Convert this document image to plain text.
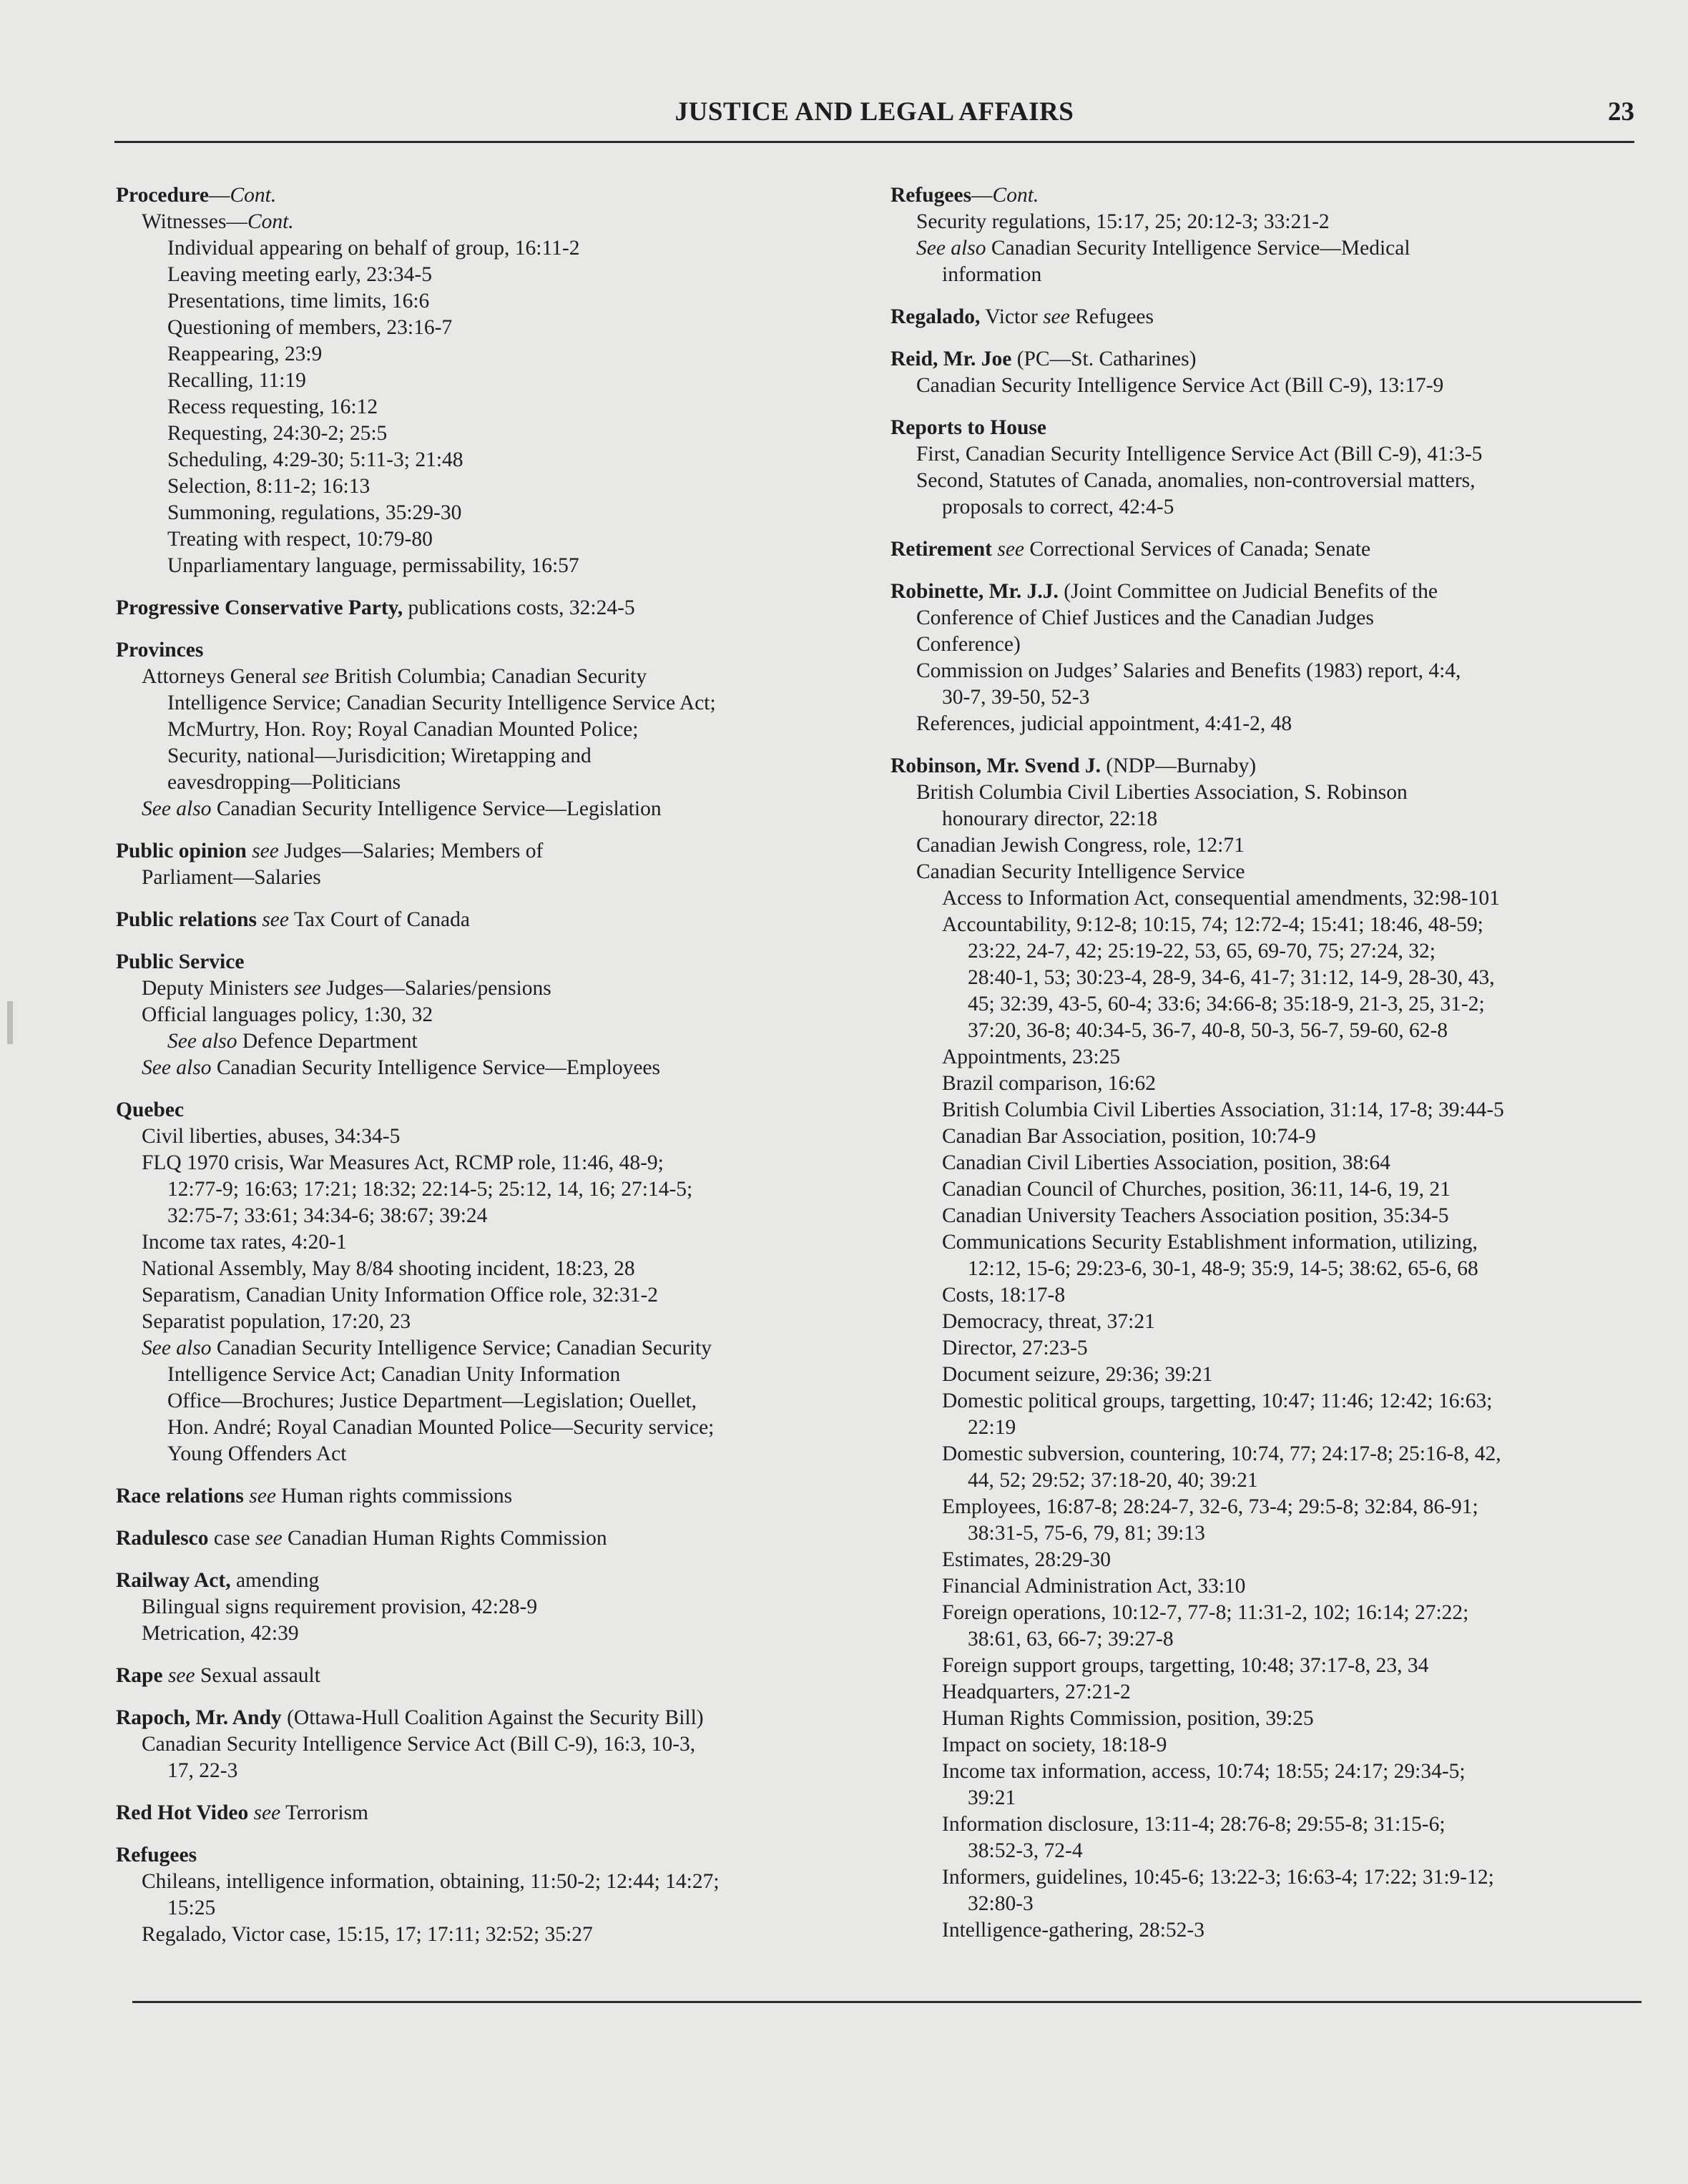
JUSTICE AND LEGAL AFFAIRS	23
Procedure—Cont.
Witnesses—Cont.
Individual appearing on behalf of group, 16:11-2
Leaving meeting early, 23:34-5
Presentations, time limits, 16:6
Questioning of members, 23:16-7
Reappearing, 23:9
Recalling, 11:19
Recess requesting, 16:12
Requesting, 24:30-2; 25:5
Scheduling, 4:29-30; 5:11-3; 21:48
Selection, 8:11-2; 16:13
Summoning, regulations, 35:29-30
Treating with respect, 10:79-80
Unparliamentary language, permissability, 16:57
Progressive Conservative Party, publications costs, 32:24-5
Provinces
Attorneys General see British Columbia; Canadian Security
Intelligence Service; Canadian Security Intelligence Service Act;
McMurtry, Hon. Roy; Royal Canadian Mounted Police;
Security, national—Jurisdicition; Wiretapping and
eavesdropping—Politicians
See also Canadian Security Intelligence Service—Legislation
Public opinion see Judges—Salaries; Members of
Parliament—Salaries
Public relations see Tax Court of Canada
Public Service
Deputy Ministers see Judges—Salaries/pensions
Official languages policy, 1:30, 32
See also Defence Department
See also Canadian Security Intelligence Service—Employees
Quebec
Civil liberties, abuses, 34:34-5
FLQ 1970 crisis, War Measures Act, RCMP role, 11:46, 48-9;
12:77-9; 16:63; 17:21; 18:32; 22:14-5; 25:12, 14, 16; 27:14-5;
32:75-7; 33:61; 34:34-6; 38:67; 39:24
Income tax rates, 4:20-1
National Assembly, May 8/84 shooting incident, 18:23, 28
Separatism, Canadian Unity Information Office role, 32:31-2
Separatist population, 17:20, 23
See also Canadian Security Intelligence Service; Canadian Security
Intelligence Service Act; Canadian Unity Information
Office—Brochures; Justice Department—Legislation; Ouellet,
Hon. André; Royal Canadian Mounted Police—Security service;
Young Offenders Act
Race relations see Human rights commissions
Radulesco case see Canadian Human Rights Commission
Railway Act, amending
Bilingual signs requirement provision, 42:28-9
Metrication, 42:39
Rape see Sexual assault
Rapoch, Mr. Andy (Ottawa-Hull Coalition Against the Security Bill)
Canadian Security Intelligence Service Act (Bill C-9), 16:3, 10-3,
17, 22-3
Red Hot Video see Terrorism
Refugees
Chileans, intelligence information, obtaining, 11:50-2; 12:44; 14:27;
15:25
Regalado, Victor case, 15:15, 17; 17:11; 32:52; 35:27
Refugees—Cont.
Security regulations, 15:17, 25; 20:12-3; 33:21-2
See also Canadian Security Intelligence Service—Medical
information
Regalado, Victor see Refugees
Reid, Mr. Joe (PC—St. Catharines)
Canadian Security Intelligence Service Act (Bill C-9), 13:17-9
Reports to House
First, Canadian Security Intelligence Service Act (Bill C-9), 41:3-5
Second, Statutes of Canada, anomalies, non-controversial matters,
proposals to correct, 42:4-5
Retirement see Correctional Services of Canada; Senate
Robinette, Mr. J.J. (Joint Committee on Judicial Benefits of the
Conference of Chief Justices and the Canadian Judges
Conference)
Commission on Judges’ Salaries and Benefits (1983) report, 4:4,
30-7, 39-50, 52-3
References, judicial appointment, 4:41-2, 48
Robinson, Mr. Svend J. (NDP—Burnaby)
British Columbia Civil Liberties Association, S. Robinson
honourary director, 22:18
Canadian Jewish Congress, role, 12:71
Canadian Security Intelligence Service
Access to Information Act, consequential amendments, 32:98-101
Accountability, 9:12-8; 10:15, 74; 12:72-4; 15:41; 18:46, 48-59;
23:22, 24-7, 42; 25:19-22, 53, 65, 69-70, 75; 27:24, 32;
28:40-1, 53; 30:23-4, 28-9, 34-6, 41-7; 31:12, 14-9, 28-30, 43,
45; 32:39, 43-5, 60-4; 33:6; 34:66-8; 35:18-9, 21-3, 25, 31-2;
37:20, 36-8; 40:34-5, 36-7, 40-8, 50-3, 56-7, 59-60, 62-8
Appointments, 23:25
Brazil comparison, 16:62
British Columbia Civil Liberties Association, 31:14, 17-8; 39:44-5
Canadian Bar Association, position, 10:74-9
Canadian Civil Liberties Association, position, 38:64
Canadian Council of Churches, position, 36:11, 14-6, 19, 21
Canadian University Teachers Association position, 35:34-5
Communications Security Establishment information, utilizing,
12:12, 15-6; 29:23-6, 30-1, 48-9; 35:9, 14-5; 38:62, 65-6, 68
Costs, 18:17-8
Democracy, threat, 37:21
Director, 27:23-5
Document seizure, 29:36; 39:21
Domestic political groups, targetting, 10:47; 11:46; 12:42; 16:63;
22:19
Domestic subversion, countering, 10:74, 77; 24:17-8; 25:16-8, 42,
44, 52; 29:52; 37:18-20, 40; 39:21
Employees, 16:87-8; 28:24-7, 32-6, 73-4; 29:5-8; 32:84, 86-91;
38:31-5, 75-6, 79, 81; 39:13
Estimates, 28:29-30
Financial Administration Act, 33:10
Foreign operations, 10:12-7, 77-8; 11:31-2, 102; 16:14; 27:22;
38:61, 63, 66-7; 39:27-8
Foreign support groups, targetting, 10:48; 37:17-8, 23, 34
Headquarters, 27:21-2
Human Rights Commission, position, 39:25
Impact on society, 18:18-9
Income tax information, access, 10:74; 18:55; 24:17; 29:34-5;
39:21
Information disclosure, 13:11-4; 28:76-8; 29:55-8; 31:15-6;
38:52-3, 72-4
Informers, guidelines, 10:45-6; 13:22-3; 16:63-4; 17:22; 31:9-12;
32:80-3
Intelligence-gathering, 28:52-3
